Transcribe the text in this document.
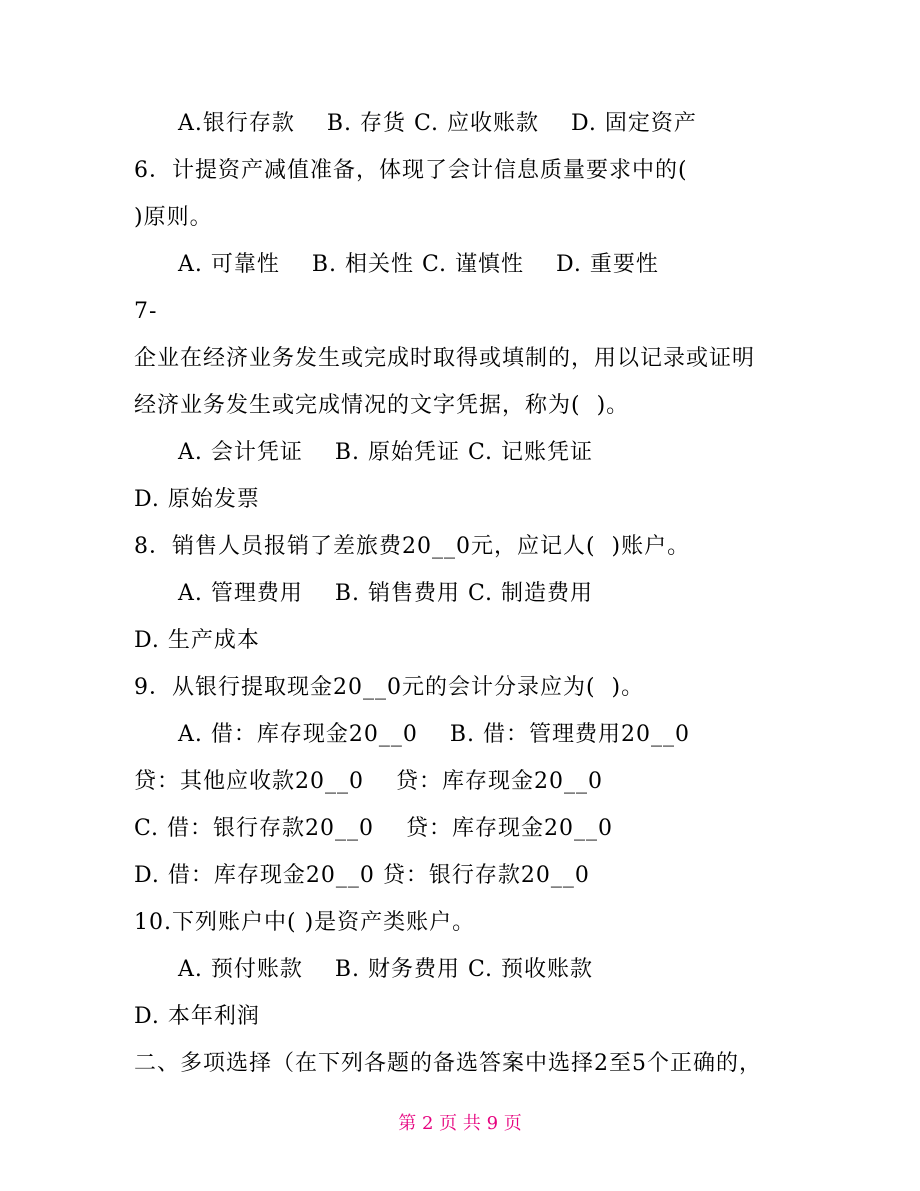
A.银行存款    B. 存货 C. 应收账款    D. 固定资产
6．计提资产减值准备，体现了会计信息质量要求中的(
)原则。
A. 可靠性    B. 相关性 C. 谨慎性    D. 重要性
7-
企业在经济业务发生或完成时取得或填制的，用以记录或证明
经济业务发生或完成情况的文字凭据，称为(  )。
A. 会计凭证    B. 原始凭证 C. 记账凭证
D. 原始发票
8．销售人员报销了差旅费20__0元，应记人(  )账户。
A. 管理费用    B. 销售费用 C. 制造费用
D. 生产成本
9．从银行提取现金20__0元的会计分录应为(  )。
A. 借：库存现金20__0    B. 借：管理费用20__0
贷：其他应收款20__0    贷：库存现金20__0
C. 借：银行存款20__0    贷：库存现金20__0
D. 借：库存现金20__0 贷：银行存款20__0
10.下列账户中( )是资产类账户。
A. 预付账款    B. 财务费用 C. 预收账款
D. 本年利润
二、多项选择（在下列各题的备选答案中选择2至5个正确的，
第 2 页 共 9 页
